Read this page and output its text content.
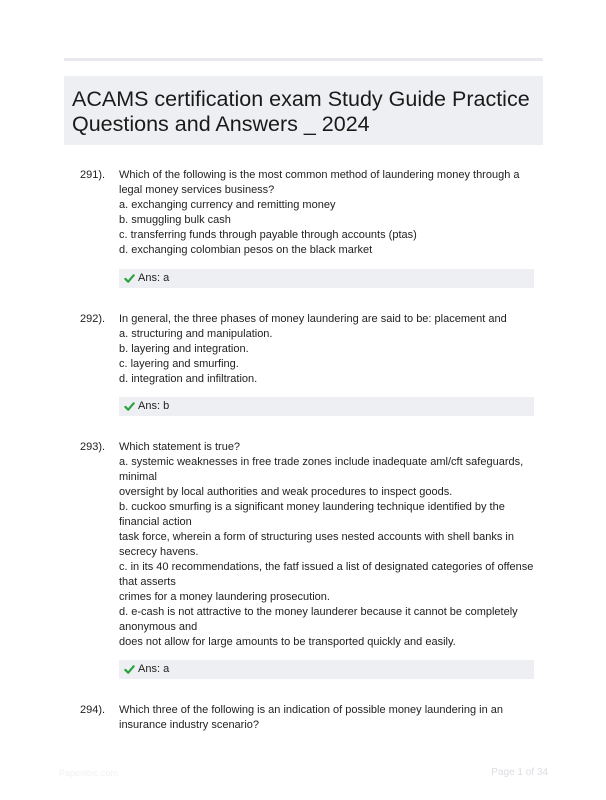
ACAMS certification exam Study Guide Practice
Questions and Answers _ 2024
291). Which of the following is the most common method of laundering money through a
legal money services business?
a. exchanging currency and remitting money
b. smuggling bulk cash
c. transferring funds through payable through accounts (ptas)
d. exchanging colombian pesos on the black market
Ans: a
292). In general, the three phases of money laundering are said to be: placement and
a. structuring and manipulation.
b. layering and integration.
c. layering and smurfing.
d. integration and infiltration.
Ans: b
293). Which statement is true?
a. systemic weaknesses in free trade zones include inadequate aml/cft safeguards,
minimal
oversight by local authorities and weak procedures to inspect goods.
b. cuckoo smurfing is a significant money laundering technique identified by the
financial action
task force, wherein a form of structuring uses nested accounts with shell banks in
secrecy havens.
c. in its 40 recommendations, the fatf issued a list of designated categories of offense
that asserts
crimes for a money laundering prosecution.
d. e-cash is not attractive to the money launderer because it cannot be completely
anonymous and
does not allow for large amounts to be transported quickly and easily.
Ans: a
294). Which three of the following is an indication of possible money laundering in an
insurance industry scenario?
Paperlibic.com	Page 1 of 34
